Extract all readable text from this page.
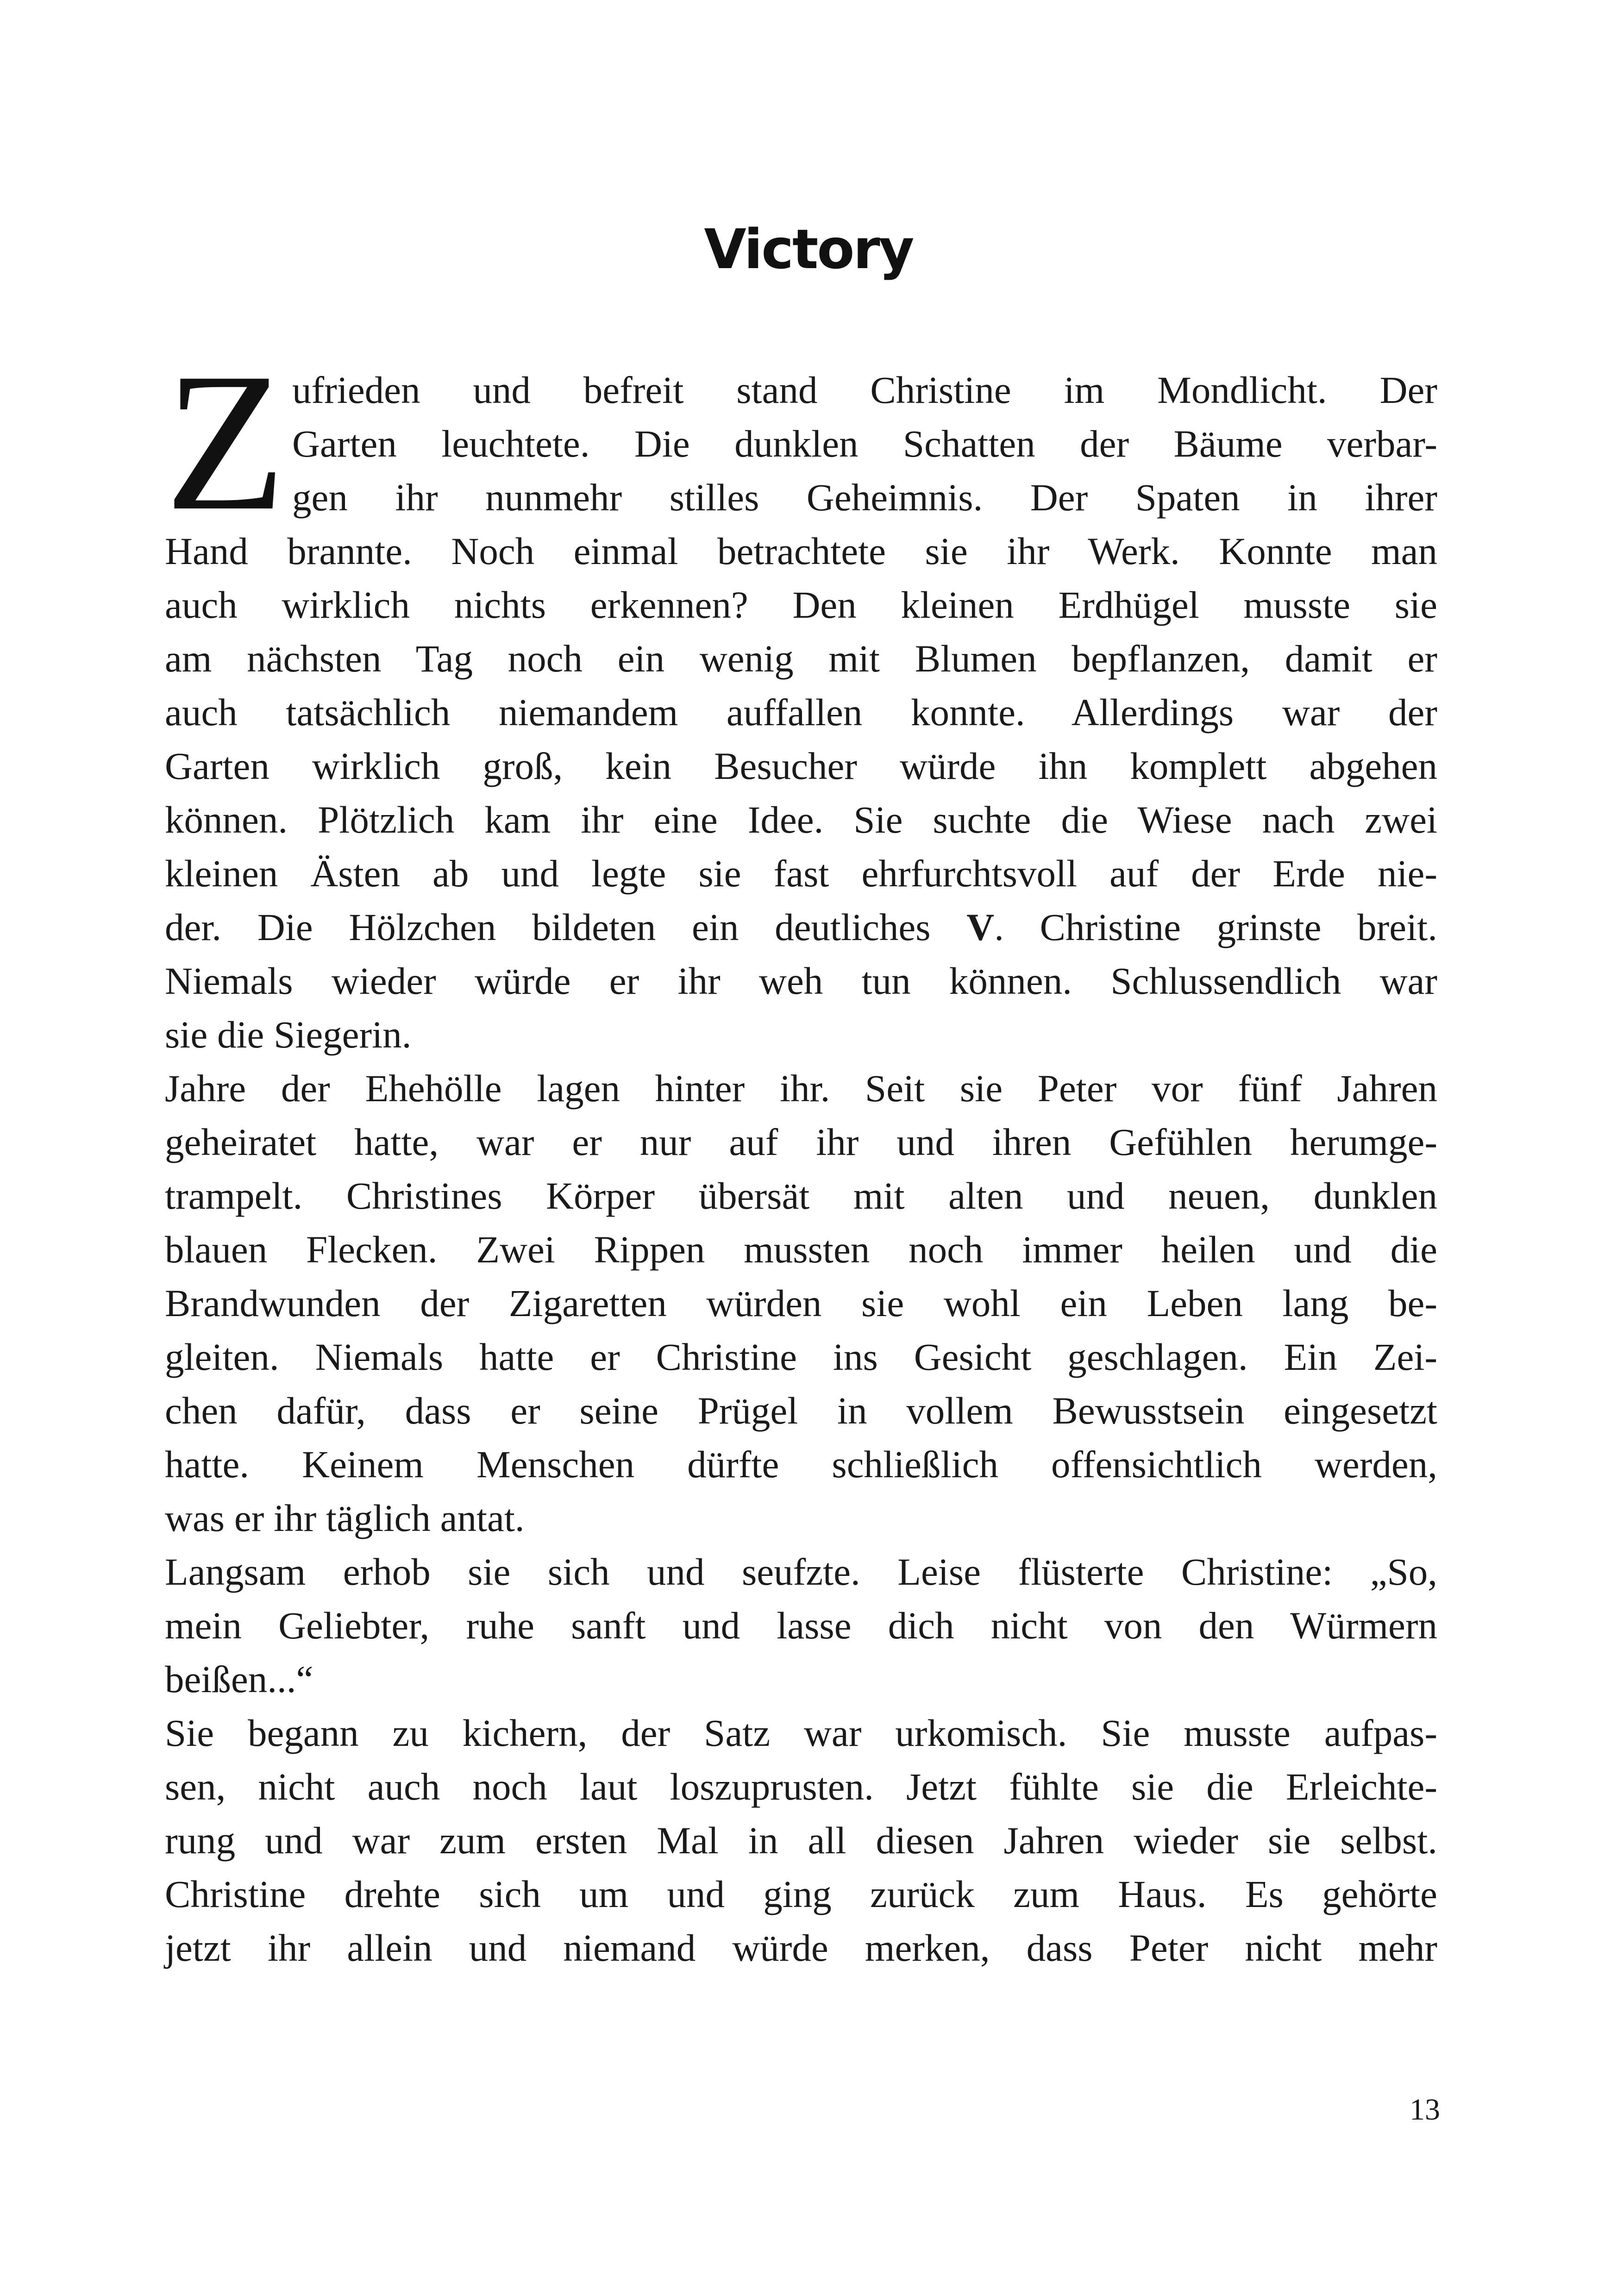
Victory

Z ufrieden und befreit stand Christine im Mondlicht. Der
Garten leuchtete. Die dunklen Schatten der Bäume verbar-
gen ihr nunmehr stilles Geheimnis. Der Spaten in ihrer
Hand brannte. Noch einmal betrachtete sie ihr Werk. Konnte man
auch wirklich nichts erkennen? Den kleinen Erdhügel musste sie
am nächsten Tag noch ein wenig mit Blumen bepflanzen, damit er
auch tatsächlich niemandem auffallen konnte. Allerdings war der
Garten wirklich groß, kein Besucher würde ihn komplett abgehen
können. Plötzlich kam ihr eine Idee. Sie suchte die Wiese nach zwei
kleinen Ästen ab und legte sie fast ehrfurchtsvoll auf der Erde nie-
der. Die Hölzchen bildeten ein deutliches V. Christine grinste breit.
Niemals wieder würde er ihr weh tun können. Schlussendlich war
sie die Siegerin.

Jahre der Ehehölle lagen hinter ihr. Seit sie Peter vor fünf Jahren
geheiratet hatte, war er nur auf ihr und ihren Gefühlen herumge-
trampelt. Christines Körper übersät mit alten und neuen, dunklen
blauen Flecken. Zwei Rippen mussten noch immer heilen und die
Brandwunden der Zigaretten würden sie wohl ein Leben lang be-
gleiten. Niemals hatte er Christine ins Gesicht geschlagen. Ein Zei-
chen dafür, dass er seine Prügel in vollem Bewusstsein eingesetzt
hatte. Keinem Menschen dürfte schließlich offensichtlich werden,
was er ihr täglich antat.

Langsam erhob sie sich und seufzte. Leise flüsterte Christine: „So,
mein Geliebter, ruhe sanft und lasse dich nicht von den Würmern
beißen...“

Sie begann zu kichern, der Satz war urkomisch. Sie musste aufpas-
sen, nicht auch noch laut loszuprusten. Jetzt fühlte sie die Erleichte-
rung und war zum ersten Mal in all diesen Jahren wieder sie selbst.
Christine drehte sich um und ging zurück zum Haus. Es gehörte
jetzt ihr allein und niemand würde merken, dass Peter nicht mehr

13
